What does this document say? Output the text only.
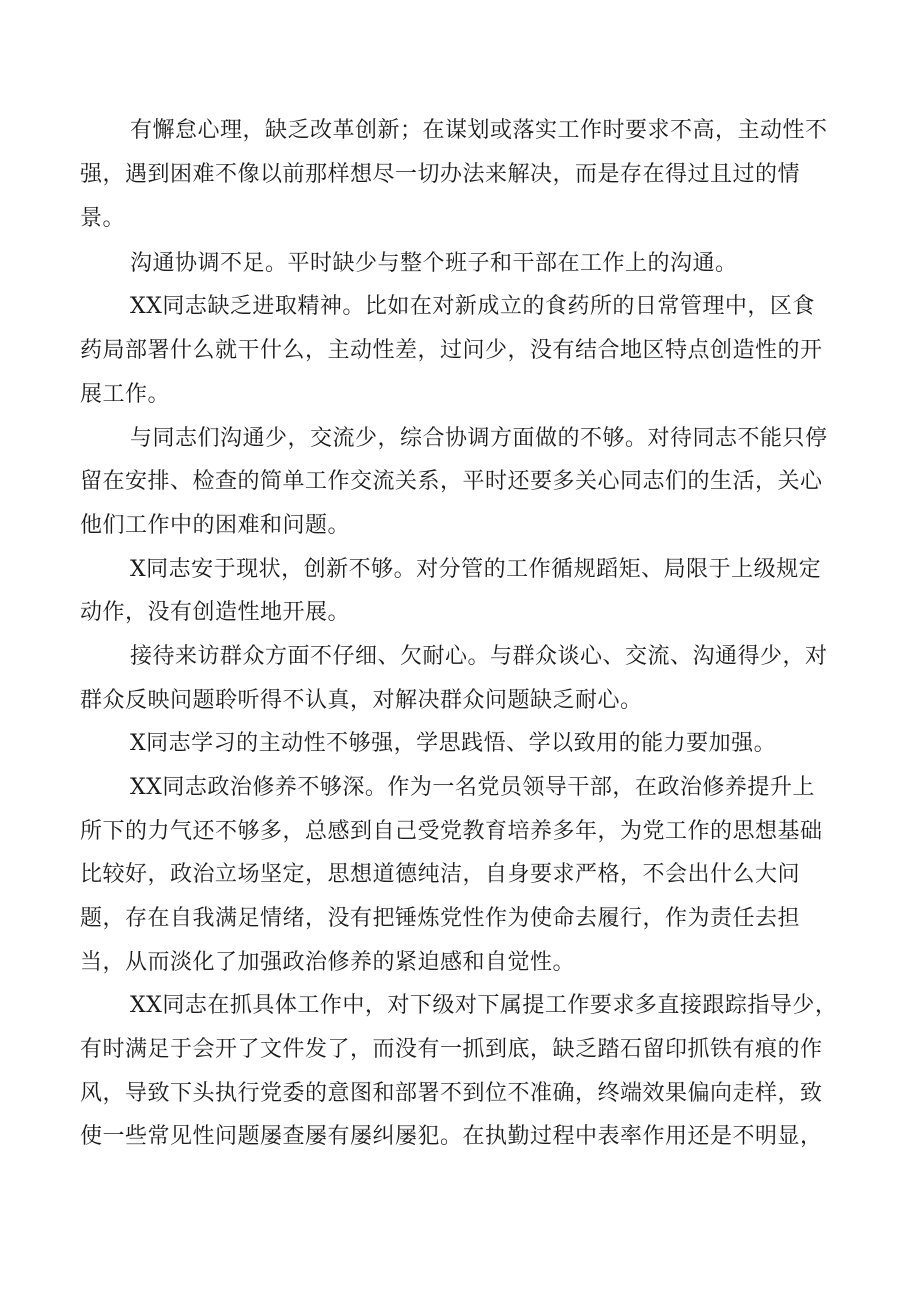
有懈怠心理，缺乏改革创新；在谋划或落实工作时要求不高，主动性不
强，遇到困难不像以前那样想尽一切办法来解决，而是存在得过且过的情
景。
沟通协调不足。平时缺少与整个班子和干部在工作上的沟通。
XX同志缺乏进取精神。比如在对新成立的食药所的日常管理中，区食
药局部署什么就干什么，主动性差，过问少，没有结合地区特点创造性的开
展工作。
与同志们沟通少，交流少，综合协调方面做的不够。对待同志不能只停
留在安排、检查的简单工作交流关系，平时还要多关心同志们的生活，关心
他们工作中的困难和问题。
X同志安于现状，创新不够。对分管的工作循规蹈矩、局限于上级规定
动作，没有创造性地开展。
接待来访群众方面不仔细、欠耐心。与群众谈心、交流、沟通得少，对
群众反映问题聆听得不认真，对解决群众问题缺乏耐心。
X同志学习的主动性不够强，学思践悟、学以致用的能力要加强。
XX同志政治修养不够深。作为一名党员领导干部，在政治修养提升上
所下的力气还不够多，总感到自己受党教育培养多年，为党工作的思想基础
比较好，政治立场坚定，思想道德纯洁，自身要求严格，不会出什么大问
题，存在自我满足情绪，没有把锤炼党性作为使命去履行，作为责任去担
当，从而淡化了加强政治修养的紧迫感和自觉性。
XX同志在抓具体工作中，对下级对下属提工作要求多直接跟踪指导少，
有时满足于会开了文件发了，而没有一抓到底，缺乏踏石留印抓铁有痕的作
风，导致下头执行党委的意图和部署不到位不准确，终端效果偏向走样，致
使一些常见性问题屡查屡有屡纠屡犯。在执勤过程中表率作用还是不明显，
